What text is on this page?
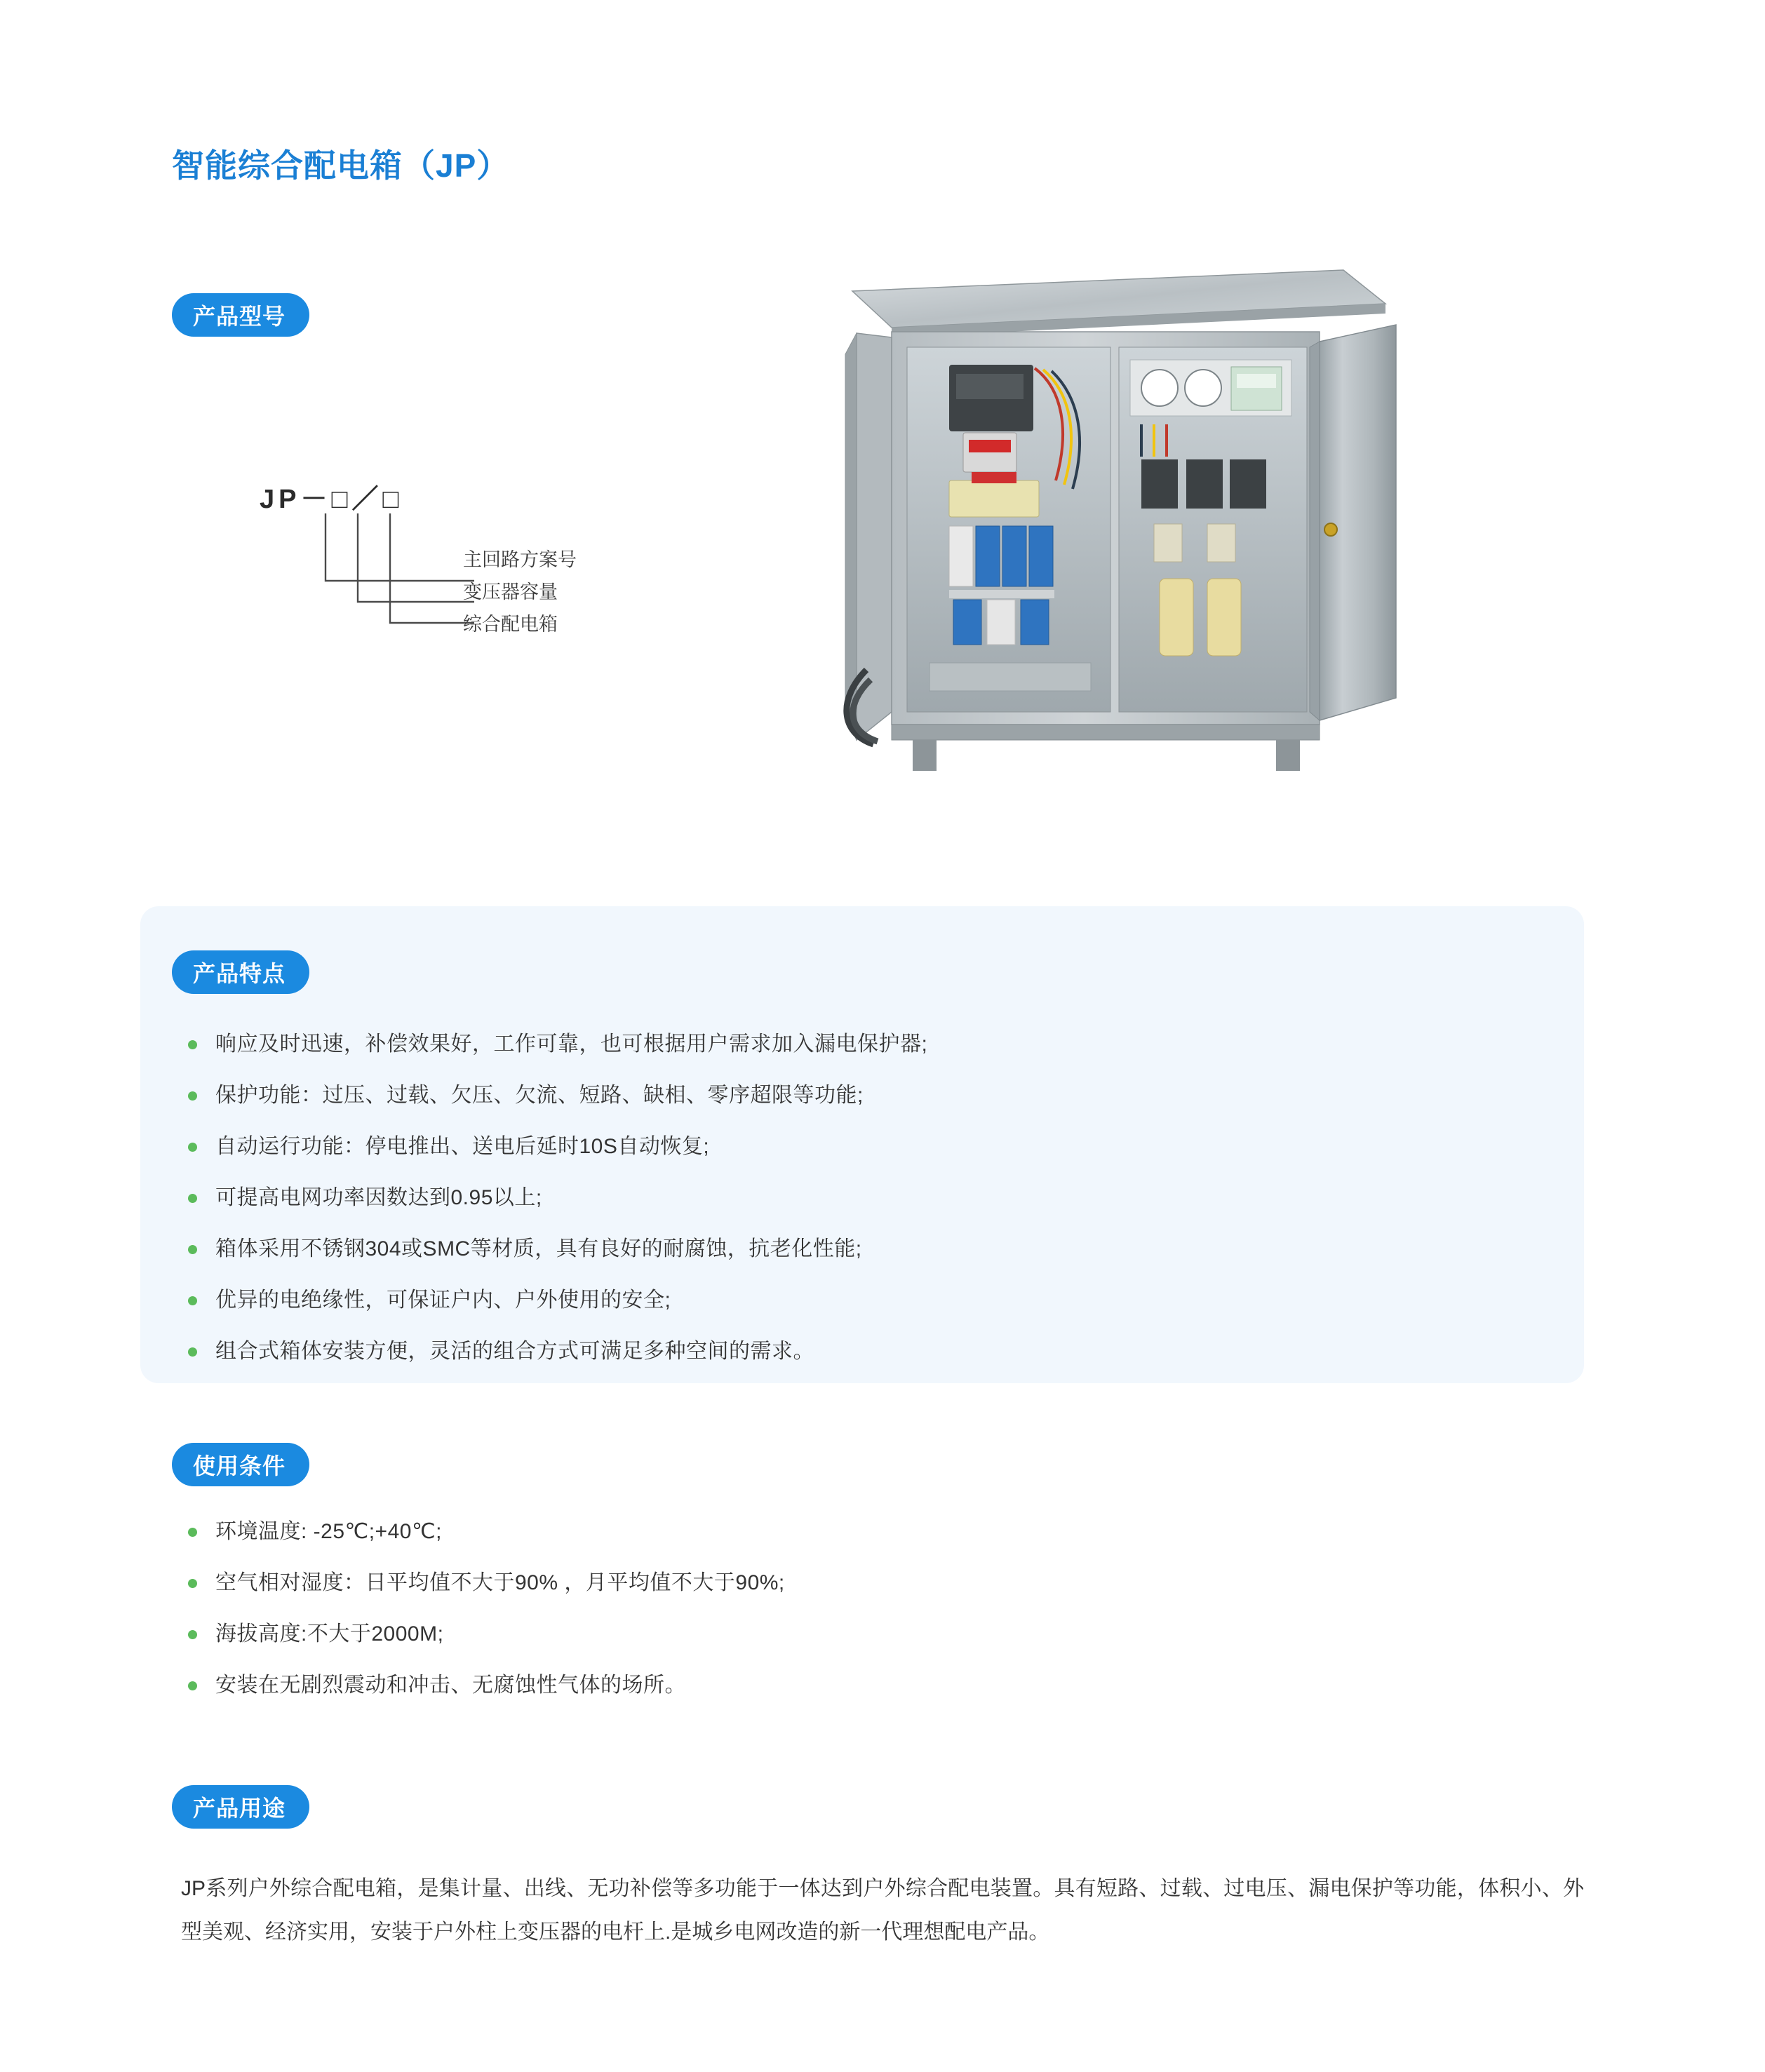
智能综合配电箱（JP）
产品型号
JP－□／□
主回路方案号
变压器容量
综合配电箱
产品特点
响应及时迅速，补偿效果好，工作可靠，也可根据用户需求加入漏电保护器;
保护功能：过压、过载、欠压、欠流、短路、缺相、零序超限等功能;
自动运行功能：停电推出、送电后延时10S自动恢复;
可提高电网功率因数达到0.95以上;
箱体采用不锈钢304或SMC等材质，具有良好的耐腐蚀，抗老化性能;
优异的电绝缘性，可保证户内、户外使用的安全;
组合式箱体安装方便，灵活的组合方式可满足多种空间的需求。
使用条件
环境温度: -25℃;+40℃;
空气相对湿度：日平均值不大于90% ，月平均值不大于90%;
海拔高度:不大于2000M;
安装在无剧烈震动和冲击、无腐蚀性气体的场所。
产品用途
JP系列户外综合配电箱，是集计量、出线、无功补偿等多功能于一体达到户外综合配电装置。具有短路、过载、过电压、漏电保护等功能，体积小、外型美观、经济实用，安装于户外柱上变压器的电杆上.是城乡电网改造的新一代理想配电产品。
